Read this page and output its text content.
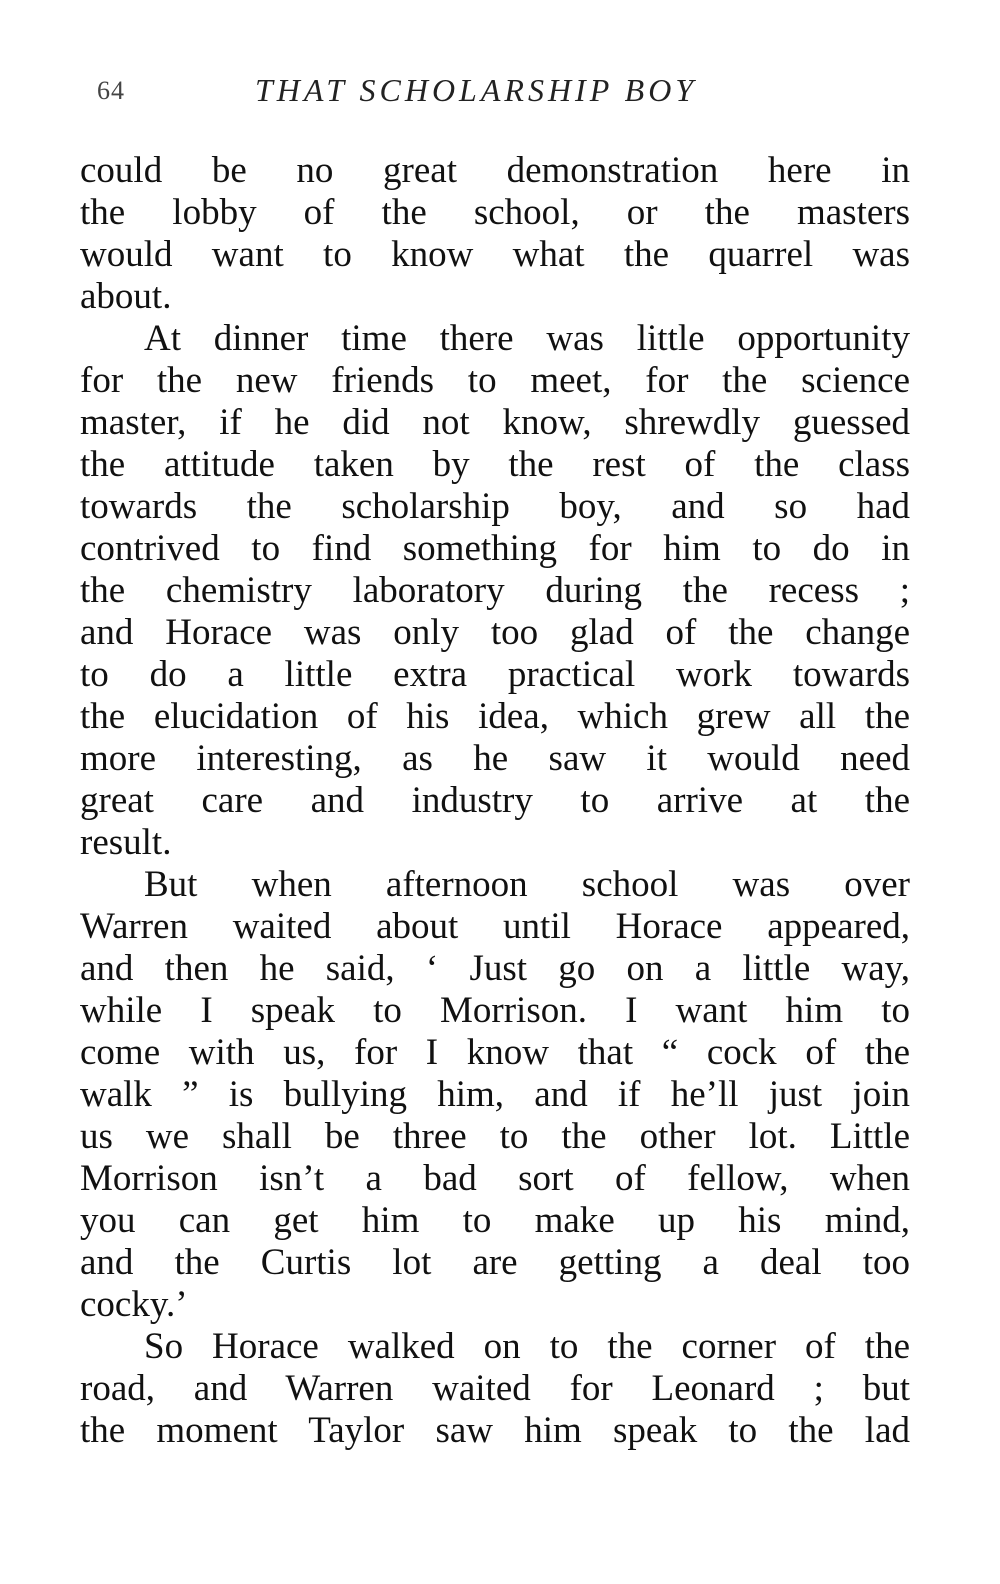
64	THAT SCHOLARSHIP BOY
could be no great demonstration here in
the lobby of the school, or the masters
would want to know what the quarrel was
about.
At dinner time there was little opportunity
for the new friends to meet, for the science
master, if he did not know, shrewdly guessed
the attitude taken by the rest of the class
towards the scholarship boy, and so had
contrived to find something for him to do in
the chemistry laboratory during the recess ;
and Horace was only too glad of the change
to do a little extra practical work towards
the elucidation of his idea, which grew all the
more interesting, as he saw it would need
great care and industry to arrive at the
result.
But when afternoon school was over
Warren waited about until Horace appeared,
and then he said, ‘ Just go on a little way,
while I speak to Morrison. I want him to
come with us, for I know that “ cock of the
walk ” is bullying him, and if he’ll just join
us we shall be three to the other lot. Little
Morrison isn’t a bad sort of fellow, when
you can get him to make up his mind,
and the Curtis lot are getting a deal too
cocky.’
So Horace walked on to the corner of the
road, and Warren waited for Leonard ; but
the moment Taylor saw him speak to the lad
